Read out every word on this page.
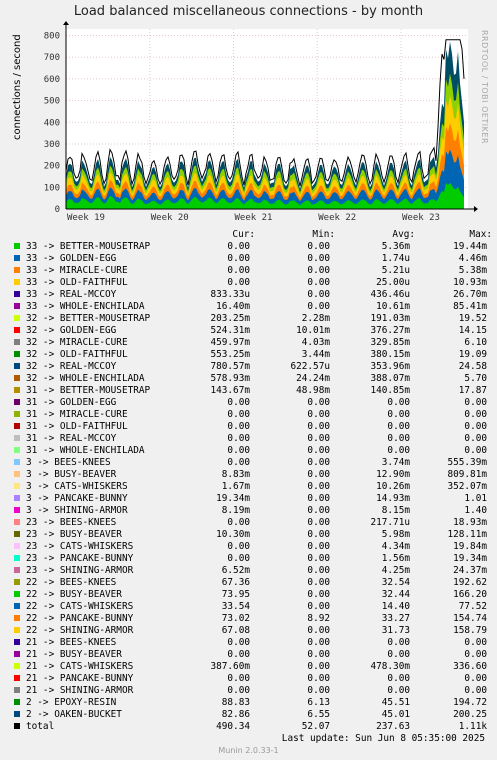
Load balanced miscellaneous connections - by month
connections / second	RRDTOOL / TOBI OETIKER
0
100
200
300
400
500
600
700
800
Week 19	Week 20	Week 21	Week 22	Week 23
Cur:	Min:	Avg:	Max:
33 -> BETTER-MOUSETRAP	0.00	0.00	5.36m	19.44m
33 -> GOLDEN-EGG	0.00	0.00	1.74u	4.46m
33 -> MIRACLE-CURE	0.00	0.00	5.21u	5.38m
33 -> OLD-FAITHFUL	0.00	0.00	25.00u	10.93m
33 -> REAL-MCCOY	833.33u	0.00	436.46u	26.70m
33 -> WHOLE-ENCHILADA	16.40m	0.00	10.61m	85.41m
32 -> BETTER-MOUSETRAP	203.25m	2.28m	191.03m	19.52
32 -> GOLDEN-EGG	524.31m	10.01m	376.27m	14.15
32 -> MIRACLE-CURE	459.97m	4.03m	329.85m	6.10
32 -> OLD-FAITHFUL	553.25m	3.44m	380.15m	19.09
32 -> REAL-MCCOY	780.57m	622.57u	353.96m	24.58
32 -> WHOLE-ENCHILADA	578.93m	24.24m	388.07m	5.70
31 -> BETTER-MOUSETRAP	143.67m	48.98m	140.85m	17.87
31 -> GOLDEN-EGG	0.00	0.00	0.00	0.00
31 -> MIRACLE-CURE	0.00	0.00	0.00	0.00
31 -> OLD-FAITHFUL	0.00	0.00	0.00	0.00
31 -> REAL-MCCOY	0.00	0.00	0.00	0.00
31 -> WHOLE-ENCHILADA	0.00	0.00	0.00	0.00
3 -> BEES-KNEES	0.00	0.00	3.74m	555.39m
3 -> BUSY-BEAVER	8.83m	0.00	12.90m	809.81m
3 -> CATS-WHISKERS	1.67m	0.00	10.26m	352.07m
3 -> PANCAKE-BUNNY	19.34m	0.00	14.93m	1.01
3 -> SHINING-ARMOR	8.19m	0.00	8.15m	1.40
23 -> BEES-KNEES	0.00	0.00	217.71u	18.93m
23 -> BUSY-BEAVER	10.30m	0.00	5.98m	128.11m
23 -> CATS-WHISKERS	0.00	0.00	4.34m	19.84m
23 -> PANCAKE-BUNNY	0.00	0.00	1.56m	19.34m
23 -> SHINING-ARMOR	6.52m	0.00	4.25m	24.37m
22 -> BEES-KNEES	67.36	0.00	32.54	192.62
22 -> BUSY-BEAVER	73.95	0.00	32.44	166.20
22 -> CATS-WHISKERS	33.54	0.00	14.40	77.52
22 -> PANCAKE-BUNNY	73.02	8.92	33.27	154.74
22 -> SHINING-ARMOR	67.08	0.00	31.73	158.79
21 -> BEES-KNEES	0.00	0.00	0.00	0.00
21 -> BUSY-BEAVER	0.00	0.00	0.00	0.00
21 -> CATS-WHISKERS	387.60m	0.00	478.30m	336.60
21 -> PANCAKE-BUNNY	0.00	0.00	0.00	0.00
21 -> SHINING-ARMOR	0.00	0.00	0.00	0.00
2 -> EPOXY-RESIN	88.83	6.13	45.51	194.72
2 -> OAKEN-BUCKET	82.86	6.55	45.01	200.25
total	490.34	52.07	237.63	1.11k
Last update: Sun Jun 8 05:35:00 2025
Munin 2.0.33-1
